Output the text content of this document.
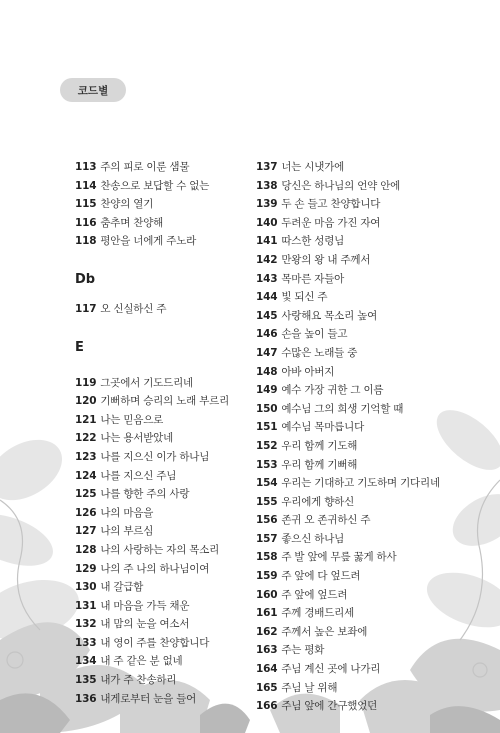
코드별
113 주의 피로 이룬 샘물
114 찬송으로 보답할 수 없는
115 찬양의 열기
116 춤추며 찬양해
118 평안을 너에게 주노라
Db
117 오 신실하신 주
E
119 그곳에서 기도드리네
120 기뻐하며 승리의 노래 부르리
121 나는 믿음으로
122 나는 용서받았네
123 나를 지으신 이가 하나님
124 나를 지으신 주님
125 나를 향한 주의 사랑
126 나의 마음을
127 나의 부르심
128 나의 사랑하는 자의 목소리
129 나의 주 나의 하나님이여
130 내 갈급함
131 내 마음을 가득 채운
132 내 맘의 눈을 여소서
133 내 영이 주를 찬양합니다
134 내 주 같은 분 없네
135 내가 주 찬송하리
136 내게로부터 눈을 들어
137 너는 시냇가에
138 당신은 하나님의 언약 안에
139 두 손 들고 찬양합니다
140 두려운 마음 가진 자여
141 따스한 성령님
142 만왕의 왕 내 주께서
143 목마른 자들아
144 빛 되신 주
145 사랑해요 목소리 높여
146 손을 높이 들고
147 수많은 노래들 중
148 아바 아버지
149 예수 가장 귀한 그 이름
150 예수님 그의 희생 기억할 때
151 예수님 목마릅니다
152 우리 함께 기도해
153 우리 함께 기뻐해
154 우리는 기대하고 기도하며 기다리네
155 우리에게 향하신
156 존귀 오 존귀하신 주
157 좋으신 하나님
158 주 발 앞에 무릎 꿇게 하사
159 주 앞에 다 엎드려
160 주 앞에 엎드려
161 주께 경배드리세
162 주께서 높은 보좌에
163 주는 평화
164 주님 계신 곳에 나가리
165 주님 날 위해
166 주님 앞에 간구했었던
